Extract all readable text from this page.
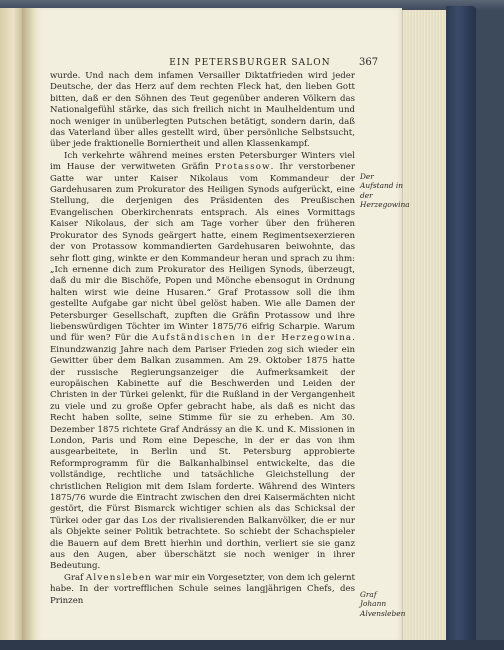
EIN PETERSBURGER SALON	367

wurde. Und nach dem infamen Versailler Diktatfrieden wird jeder Deutsche, der das Herz auf dem rechten Fleck hat, den lieben Gott bitten, daß er den Söhnen des Teut gegenüber anderen Völkern das Nationalgefühl stärke, das sich freilich nicht in Maulheldentum und noch weniger in unüberlegten Putschen betätigt, sondern darin, daß das Vaterland über alles gestellt wird, über persönliche Selbstsucht, über jede fraktionelle Borniertheit und allen Klassenkampf.

Ich verkehrte während meines ersten Petersburger Winters viel im Hause der verwitweten Gräfin Protassow. Ihr verstorbener Gatte war unter Kaiser Nikolaus vom Kommandeur der Gardehusaren zum Prokurator des Heiligen Synods aufgerückt, eine Stellung, die derjenigen des Präsidenten des Preußischen Evangelischen Oberkirchenrats entsprach. Als eines Vormittags Kaiser Nikolaus, der sich am Tage vorher über den früheren Prokurator des Synods geärgert hatte, einem Regimentsexerzieren der von Protassow kommandierten Gardehusaren beiwohnte, das sehr flott ging, winkte er den Kommandeur heran und sprach zu ihm: „Ich ernenne dich zum Prokurator des Heiligen Synods, überzeugt, daß du mir die Bischöfe, Popen und Mönche ebensogut in Ordnung halten wirst wie deine Husaren.“ Graf Protassow soll die ihm gestellte Aufgabe gar nicht übel gelöst haben. Wie alle Damen der Petersburger Gesellschaft, zupften die Gräfin Protassow und ihre liebenswürdigen Töchter im Winter 1875/76 eifrig Scharpie. Warum und für wen? Für die Aufständischen in der Herzegowina. Einundzwanzig Jahre nach dem Pariser Frieden zog sich wieder ein Gewitter über dem Balkan zusammen. Am 29. Oktober 1875 hatte der russische Regierungsanzeiger die Aufmerksamkeit der europäischen Kabinette auf die Beschwerden und Leiden der Christen in der Türkei gelenkt, für die Rußland in der Vergangenheit zu viele und zu große Opfer gebracht habe, als daß es nicht das Recht haben sollte, seine Stimme für sie zu erheben. Am 30. Dezember 1875 richtete Graf Andrássy an die K. und K. Missionen in London, Paris und Rom eine Depesche, in der er das von ihm ausgearbeitete, in Berlin und St. Petersburg approbierte Reformprogramm für die Balkanhalbinsel entwickelte, das die vollständige, rechtliche und tatsächliche Gleichstellung der christlichen Religion mit dem Islam forderte. Während des Winters 1875/76 wurde die Eintracht zwischen den drei Kaisermächten nicht gestört, die Fürst Bismarck wichtiger schien als das Schicksal der Türkei oder gar das Los der rivalisierenden Balkanvölker, die er nur als Objekte seiner Politik betrachtete. So schiebt der Schachspieler die Bauern auf dem Brett hierhin und dorthin, verliert sie sie ganz aus den Augen, aber überschätzt sie noch weniger in ihrer Bedeutung.

Graf Alvensleben war mir ein Vorgesetzter, von dem ich gelernt habe. In der vortrefflichen Schule seines langjährigen Chefs, des Prinzen

Der Aufstand in der Herzegowina
Graf Johann Alvensleben
